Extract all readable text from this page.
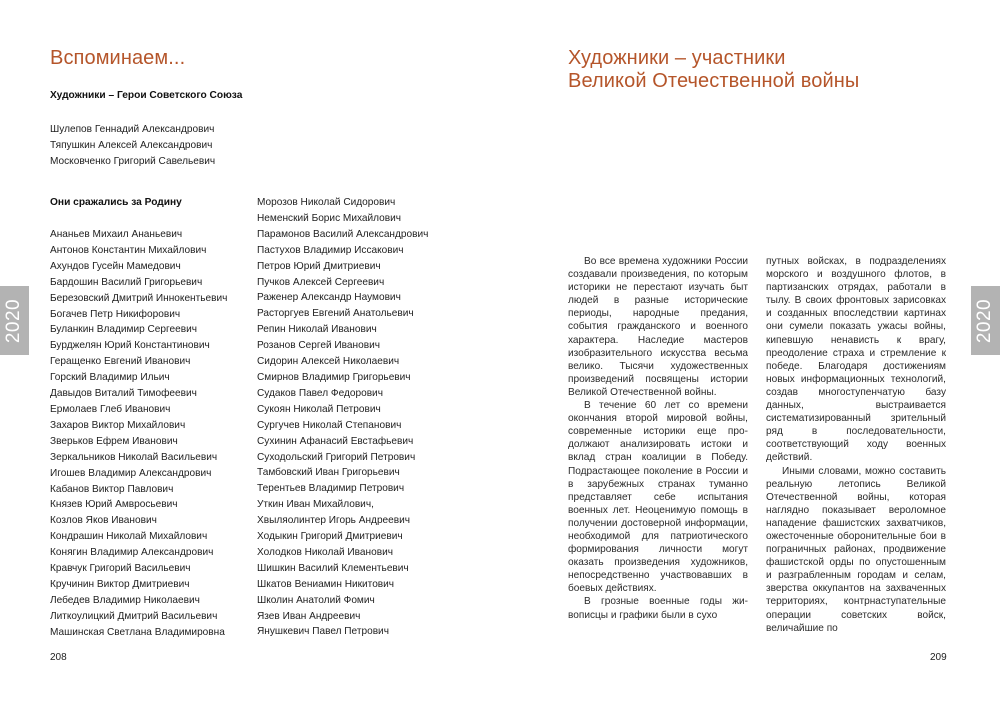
Вспоминаем...
Художники – Герои Советского Союза
Шулепов Геннадий Александрович
Тяпушкин Алексей Александрович
Московченко Григорий Савельевич
Они сражались за Родину
Ананьев Михаил Ананьевич
Антонов Константин Михайлович
Ахундов Гусейн Мамедович
Бардошин Василий Григорьевич
Березовский Дмитрий Иннокентьевич
Богачев Петр Никифорович
Буланкин Владимир Сергеевич
Бурджелян Юрий Константинович
Геращенко Евгений Иванович
Горский Владимир Ильич
Давыдов Виталий Тимофеевич
Ермолаев Глеб Иванович
Захаров Виктор Михайлович
Зверьков Ефрем Иванович
Зеркальников Николай Васильевич
Игошев Владимир Александрович
Кабанов Виктор Павлович
Князев Юрий Амвросьевич
Козлов Яков Иванович
Кондрашин Николай Михайлович
Конягин Владимир Александрович
Кравчук Григорий Васильевич
Кручинин Виктор Дмитриевич
Лебедев Владимир Николаевич
Литкоулицкий Дмитрий Васильевич
Машинская Светлана Владимировна
Морозов Николай Сидорович
Неменский Борис Михайлович
Парамонов Василий Александрович
Пастухов Владимир Иссакович
Петров Юрий Дмитриевич
Пучков Алексей Сергеевич
Раженер Александр Наумович
Расторгуев Евгений Анатольевич
Репин Николай Иванович
Розанов Сергей Иванович
Сидорин Алексей Николаевич
Смирнов Владимир Григорьевич
Судаков Павел Федорович
Сукоян Николай Петрович
Сургучев Николай Степанович
Сухинин Афанасий Евстафьевич
Суходольский Григорий Петрович
Тамбовский Иван Григорьевич
Терентьев Владимир Петрович
Уткин Иван Михайлович,
Хвыляолинтер Игорь Андреевич
Ходыкин Григорий Дмитриевич
Холодков Николай Иванович
Шишкин Василий Клементьевич
Шкатов Вениамин Никитович
Школин Анатолий Фомич
Язев Иван Андреевич
Янушкевич Павел Петрович
208
2020
Художники – участники
Великой Отечественной войны

Во все времена художники России создавали произведения, по которым историки не перестают изучать быт людей в разные исторические периоды, народные предания, события гражданского и военного характера. Наследие мастеров изобразительного искусства весьма велико. Тысячи художественных произведений посвящены истории Великой Отечественной войны.

В течение 60 лет со времени окончания второй мировой войны, современные историки еще продолжают анализировать истоки и вклад стран коалиции в Победу. Подрастающее поколение в России и в зарубежных странах туманно представляет себе испытания военных лет. Неоценимую помощь в получении достоверной информации, необходимой для патриотического формирования личности могут оказать произведения художников, непосредственно участвовавших в боевых действиях.

В грозные военные годы живописцы и графики были в сухо

путных войсках, в подразделениях морского и воздушного флотов, в партизанских отрядах, работали в тылу. В своих фронтовых зарисовках и созданных впоследствии картинах они сумели показать ужасы войны, кипевшую ненависть к врагу, преодоление страха и стремление к победе. Благодаря достижениям новых информационных технологий, создав многоступенчатую базу данных, выстраивается систематизированный зрительный ряд в последовательности, соответствующий ходу военных действий.

Иными словами, можно составить реальную летопись Великой Отечественной войны, которая наглядно показывает вероломное нападение фашистских захватчиков, ожесточенные оборонительные бои в пограничных районах, продвижение фашистской орды по опустошенным и разграбленным городам и селам, зверства оккупантов на захваченных территориях, контрнаступательные операции советских войск, величайшие по

209
2020
